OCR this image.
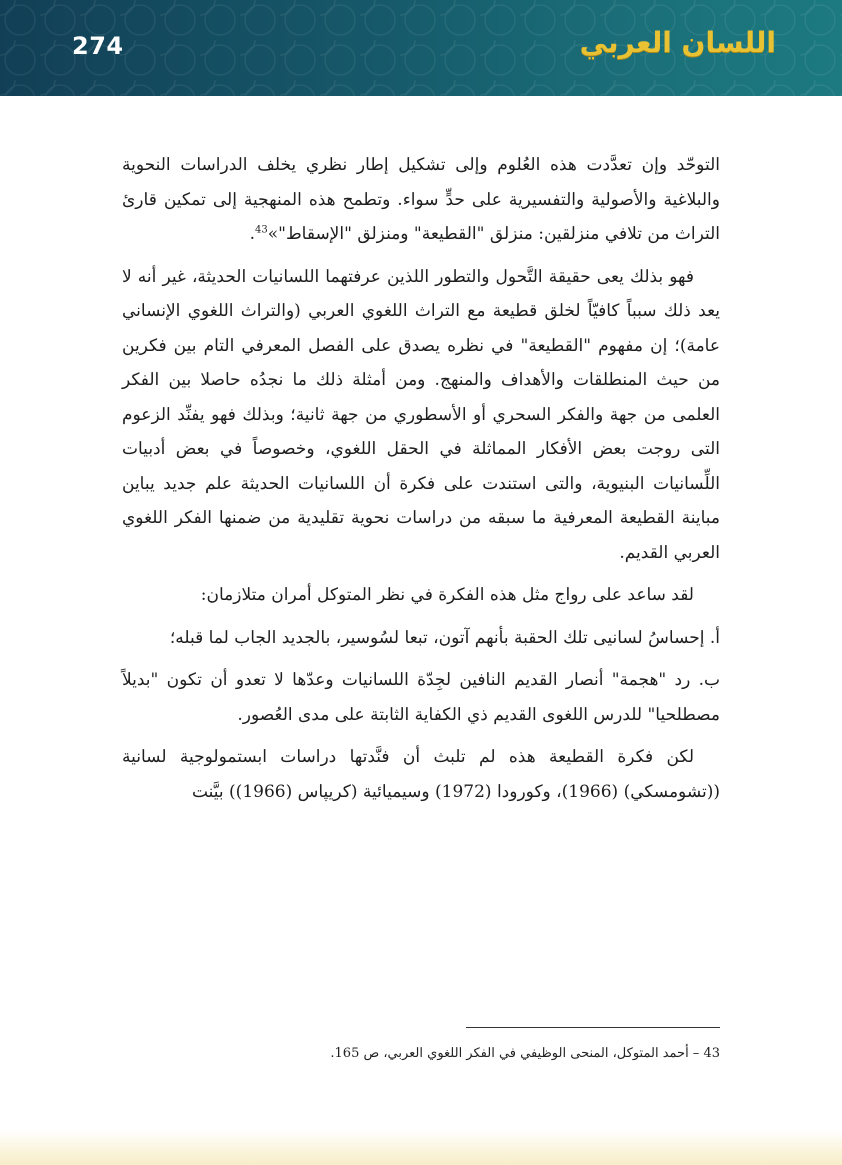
274	اللسان العربي

التوحّد وإن تعدَّدت هذه العُلوم وإلى تشكيل إطار نظري يخلف الدراسات النحوية والبلاغية والأصولية والتفسيرية على حدٍّ سواء. وتطمح هذه المنهجية إلى تمكين قارئ التراث من تلافي منزلقين: منزلق "القطيعة" ومنزلق "الإسقاط"»$^{43}$.

فهو بذلك يعى حقيقة التَّحول والتطور اللذين عرفتهما اللسانيات الحديثة، غير أنه لا يعد ذلك سبباً كافيّاً لخلق قطيعة مع التراث اللغوي العربي (والتراث اللغوي الإنساني عامة)؛ إن مفهوم "القطيعة" في نظره يصدق على الفصل المعرفي التام بين فكرين من حيث المنطلقات والأهداف والمنهج. ومن أمثلة ذلك ما نجدُه حاصلا بين الفكر العلمى من جهة والفكر السحري أو الأسطوري من جهة ثانية؛ وبذلك فهو يفنِّد الزعوم التى روجت بعض الأفكار المماثلة في الحقل اللغوي، وخصوصاً في بعض أدبيات اللِّسانيات البنيوية، والتى استندت على فكرة أن اللسانيات الحديثة علم جديد يباين مباينة القطيعة المعرفية ما سبقه من دراسات نحوية تقليدية من ضمنها الفكر اللغوي العربي القديم.

لقد ساعد على رواج مثل هذه الفكرة في نظر المتوكل أمران متلازمان:

أ. إحساسُ لسانيى تلك الحقبة بأنهم آتون، تبعا لسُوسير، بالجديد الجاب لما قبله؛

ب. رد "هجمة" أنصار القديم النافين لجِدّة اللسانيات وعدّها لا تعدو أن تكون "بديلاً مصطلحيا" للدرس اللغوى القديم ذي الكفاية الثابتة على مدى العُصور.

لكن فكرة القطيعة هذه لم تلبث أن فنَّدتها دراسات ابستمولوجية لسانية ((تشومسكي) (1966)، وكورودا (1972) وسيميائية (كريپاس (1966)) بيَّنت

43 – أحمد المتوكل، المنحى الوظيفي في الفكر اللغوي العربي، ص 165.
